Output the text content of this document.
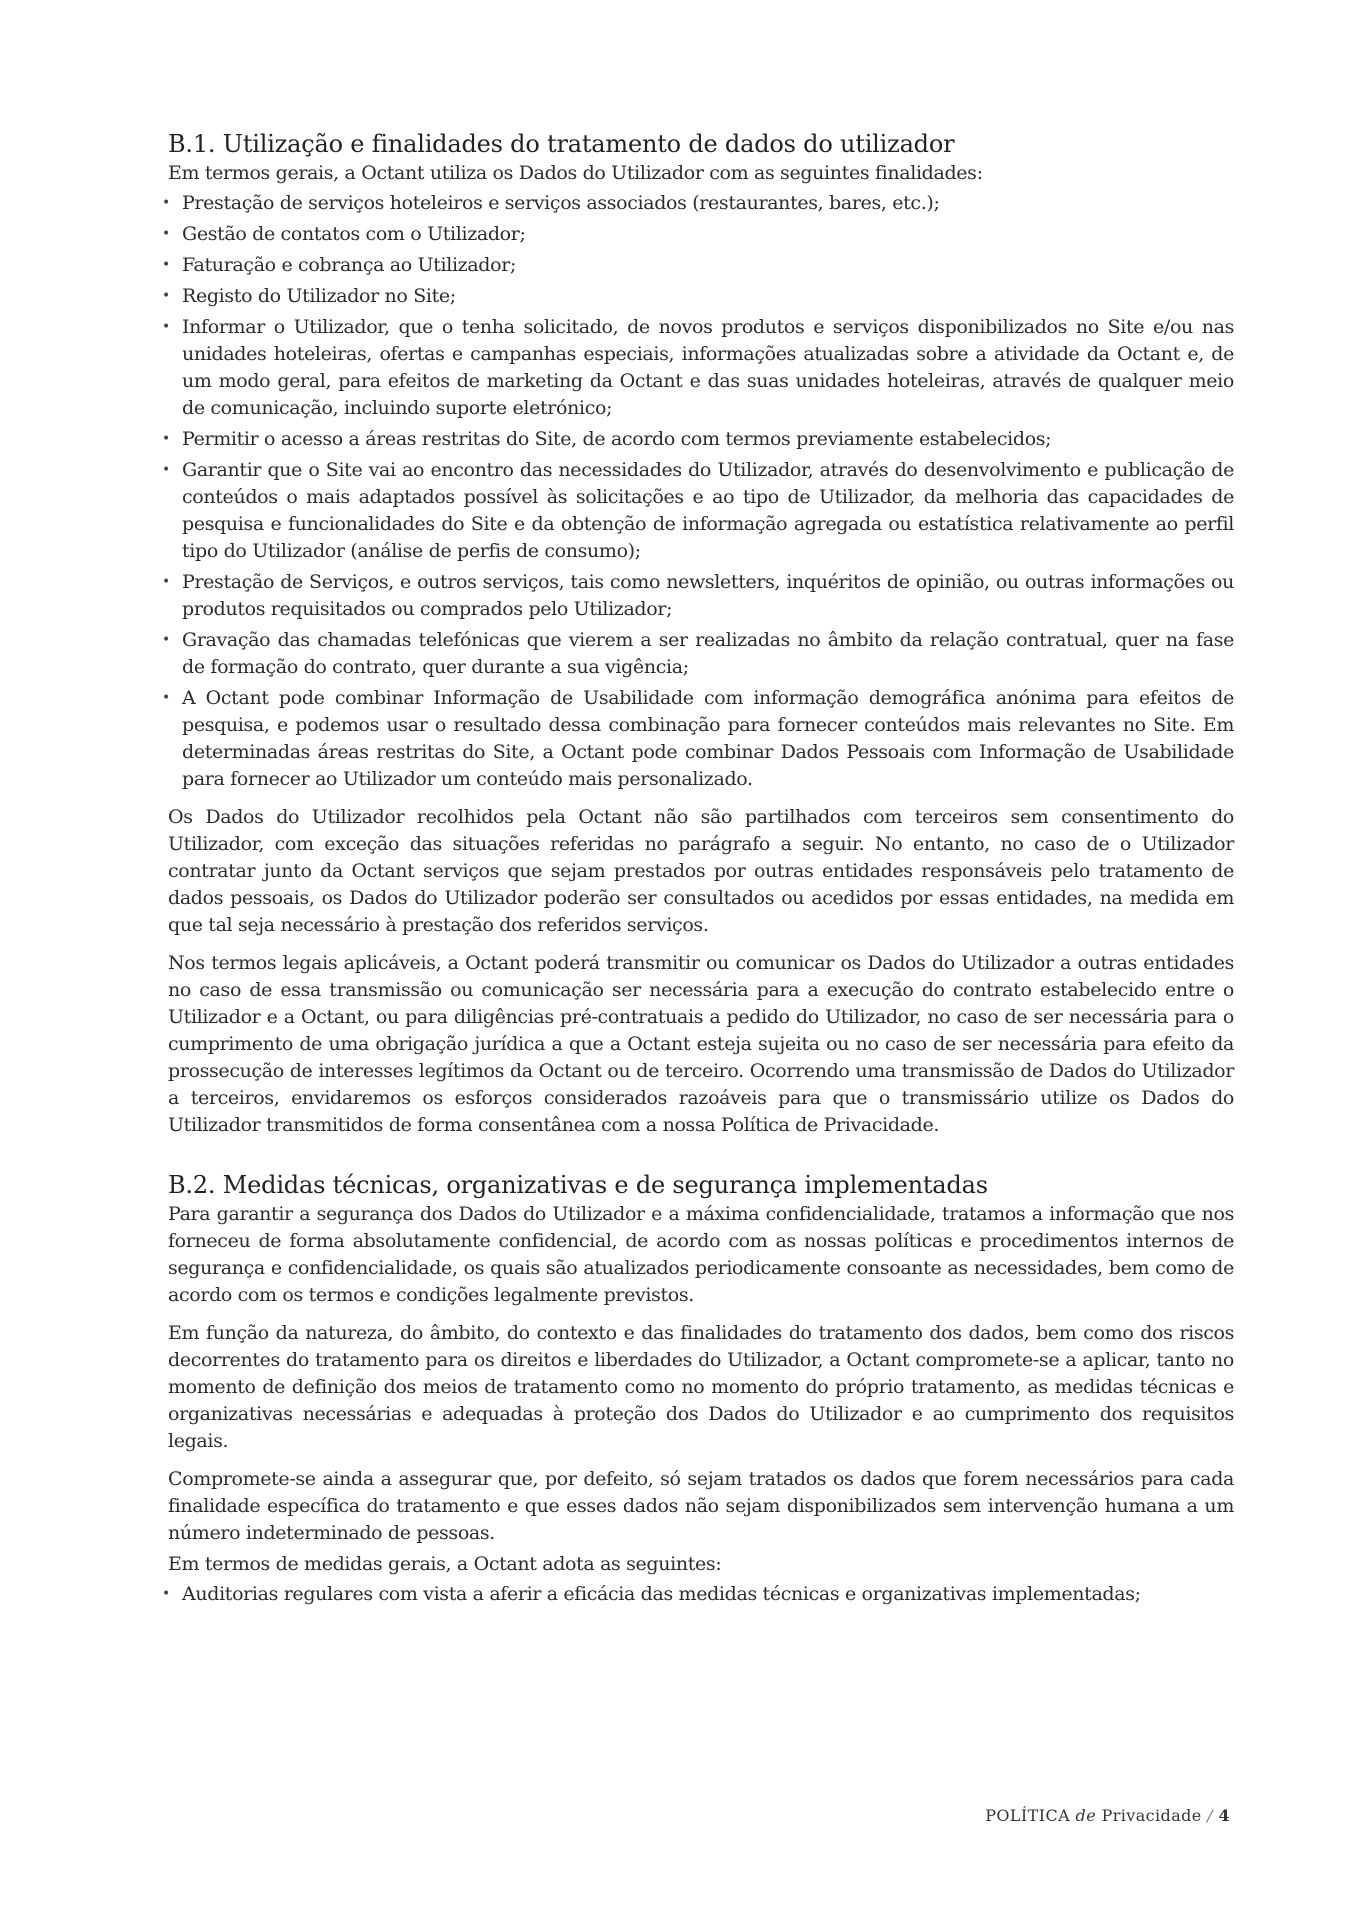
B.1. Utilização e finalidades do tratamento de dados do utilizador

Em termos gerais, a Octant utiliza os Dados do Utilizador com as seguintes finalidades:

• Prestação de serviços hoteleiros e serviços associados (restaurantes, bares, etc.);
• Gestão de contatos com o Utilizador;
• Faturação e cobrança ao Utilizador;
• Registo do Utilizador no Site;
• Informar o Utilizador, que o tenha solicitado, de novos produtos e serviços disponibilizados no Site e/ou nas unidades hoteleiras, ofertas e campanhas especiais, informações atualizadas sobre a atividade da Octant e, de um modo geral, para efeitos de marketing da Octant e das suas unidades hoteleiras, através de qualquer meio de comunicação, incluindo suporte eletrónico;
• Permitir o acesso a áreas restritas do Site, de acordo com termos previamente estabelecidos;
• Garantir que o Site vai ao encontro das necessidades do Utilizador, através do desenvolvimento e publicação de conteúdos o mais adaptados possível às solicitações e ao tipo de Utilizador, da melhoria das capacidades de pesquisa e funcionalidades do Site e da obtenção de informação agregada ou estatística relativamente ao perfil tipo do Utilizador (análise de perfis de consumo);
• Prestação de Serviços, e outros serviços, tais como newsletters, inquéritos de opinião, ou outras informações ou produtos requisitados ou comprados pelo Utilizador;
• Gravação das chamadas telefónicas que vierem a ser realizadas no âmbito da relação contratual, quer na fase de formação do contrato, quer durante a sua vigência;
• A Octant pode combinar Informação de Usabilidade com informação demográfica anónima para efeitos de pesquisa, e podemos usar o resultado dessa combinação para fornecer conteúdos mais relevantes no Site. Em determinadas áreas restritas do Site, a Octant pode combinar Dados Pessoais com Informação de Usabilidade para fornecer ao Utilizador um conteúdo mais personalizado.

Os Dados do Utilizador recolhidos pela Octant não são partilhados com terceiros sem consentimento do Utilizador, com exceção das situações referidas no parágrafo a seguir. No entanto, no caso de o Utilizador contratar junto da Octant serviços que sejam prestados por outras entidades responsáveis pelo tratamento de dados pessoais, os Dados do Utilizador poderão ser consultados ou acedidos por essas entidades, na medida em que tal seja necessário à prestação dos referidos serviços.

Nos termos legais aplicáveis, a Octant poderá transmitir ou comunicar os Dados do Utilizador a outras entidades no caso de essa transmissão ou comunicação ser necessária para a execução do contrato estabelecido entre o Utilizador e a Octant, ou para diligências pré-contratuais a pedido do Utilizador, no caso de ser necessária para o cumprimento de uma obrigação jurídica a que a Octant esteja sujeita ou no caso de ser necessária para efeito da prossecução de interesses legítimos da Octant ou de terceiro. Ocorrendo uma transmissão de Dados do Utilizador a terceiros, envidaremos os esforços considerados razoáveis para que o transmissário utilize os Dados do Utilizador transmitidos de forma consentânea com a nossa Política de Privacidade.

B.2. Medidas técnicas, organizativas e de segurança implementadas

Para garantir a segurança dos Dados do Utilizador e a máxima confidencialidade, tratamos a informação que nos forneceu de forma absolutamente confidencial, de acordo com as nossas políticas e procedimentos internos de segurança e confidencialidade, os quais são atualizados periodicamente consoante as necessidades, bem como de acordo com os termos e condições legalmente previstos.

Em função da natureza, do âmbito, do contexto e das finalidades do tratamento dos dados, bem como dos riscos decorrentes do tratamento para os direitos e liberdades do Utilizador, a Octant compromete-se a aplicar, tanto no momento de definição dos meios de tratamento como no momento do próprio tratamento, as medidas técnicas e organizativas necessárias e adequadas à proteção dos Dados do Utilizador e ao cumprimento dos requisitos legais.

Compromete-se ainda a assegurar que, por defeito, só sejam tratados os dados que forem necessários para cada finalidade específica do tratamento e que esses dados não sejam disponibilizados sem intervenção humana a um número indeterminado de pessoas.

Em termos de medidas gerais, a Octant adota as seguintes:

• Auditorias regulares com vista a aferir a eficácia das medidas técnicas e organizativas implementadas;
POLÍTICA de Privacidade / 4
